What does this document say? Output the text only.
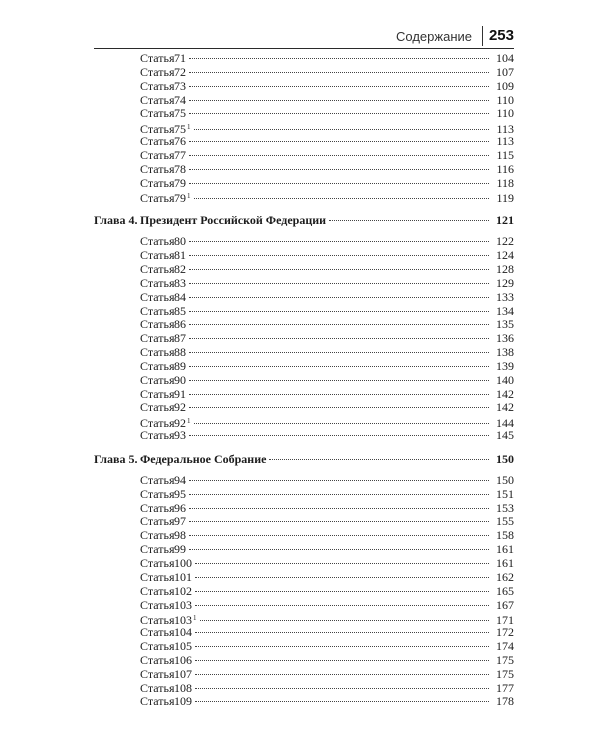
Содержание 253
Статья71	104
Статья72	107
Статья73	109
Статья74	110
Статья75	110
$Статья75^1$	113
Статья76	113
Статья77	115
Статья78	116
Статья79	118
$Статья79^1$	119
Глава 4. Президент Российской Федерации	121
Статья80	122
Статья81	124
Статья82	128
Статья83	129
Статья84	133
Статья85	134
Статья86	135
Статья87	136
Статья88	138
Статья89	139
Статья90	140
Статья91	142
Статья92	142
$Статья92^1$	144
Статья93	145
Глава 5. Федеральное Собрание	150
Статья94	150
Статья95	151
Статья96	153
Статья97	155
Статья98	158
Статья99	161
Статья100	161
Статья101	162
Статья102	165
Статья103	167
$Статья103^1$	171
Статья104	172
Статья105	174
Статья106	175
Статья107	175
Статья108	177
Статья109	178
